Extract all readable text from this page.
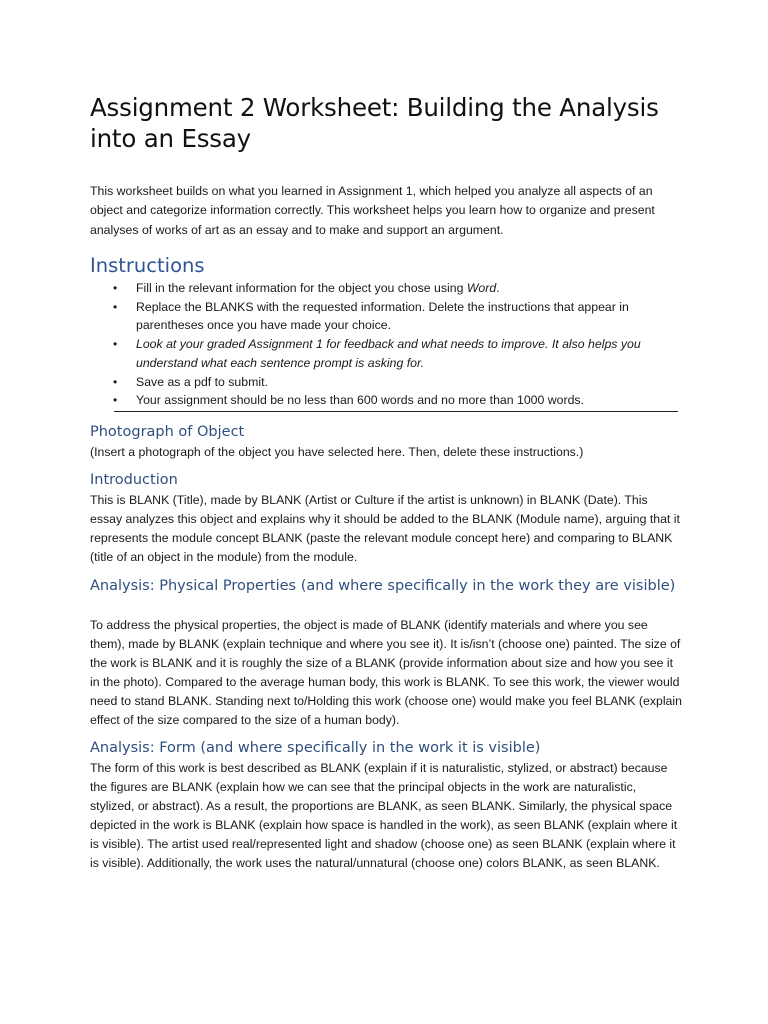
Assignment 2 Worksheet: Building the Analysis into an Essay

This worksheet builds on what you learned in Assignment 1, which helped you analyze all aspects of an object and categorize information correctly. This worksheet helps you learn how to organize and present analyses of works of art as an essay and to make and support an argument.

Instructions
• Fill in the relevant information for the object you chose using Word.
• Replace the BLANKS with the requested information. Delete the instructions that appear in parentheses once you have made your choice.
• Look at your graded Assignment 1 for feedback and what needs to improve. It also helps you understand what each sentence prompt is asking for.
• Save as a pdf to submit.
• Your assignment should be no less than 600 words and no more than 1000 words.
Photograph of Object

(Insert a photograph of the object you have selected here. Then, delete these instructions.)

Introduction

This is BLANK (Title), made by BLANK (Artist or Culture if the artist is unknown) in BLANK (Date). This essay analyzes this object and explains why it should be added to the BLANK (Module name), arguing that it represents the module concept BLANK (paste the relevant module concept here) and comparing to BLANK (title of an object in the module) from the module.

Analysis: Physical Properties (and where specifically in the work they are visible)

To address the physical properties, the object is made of BLANK (identify materials and where you see them), made by BLANK (explain technique and where you see it). It is/isn’t (choose one) painted. The size of the work is BLANK and it is roughly the size of a BLANK (provide information about size and how you see it in the photo). Compared to the average human body, this work is BLANK. To see this work, the viewer would need to stand BLANK. Standing next to/Holding this work (choose one) would make you feel BLANK (explain effect of the size compared to the size of a human body).

Analysis: Form (and where specifically in the work it is visible)

The form of this work is best described as BLANK (explain if it is naturalistic, stylized, or abstract) because the figures are BLANK (explain how we can see that the principal objects in the work are naturalistic, stylized, or abstract). As a result, the proportions are BLANK, as seen BLANK. Similarly, the physical space depicted in the work is BLANK (explain how space is handled in the work), as seen BLANK (explain where it is visible). The artist used real/represented light and shadow (choose one) as seen BLANK (explain where it is visible). Additionally, the work uses the natural/unnatural (choose one) colors BLANK, as seen BLANK.
